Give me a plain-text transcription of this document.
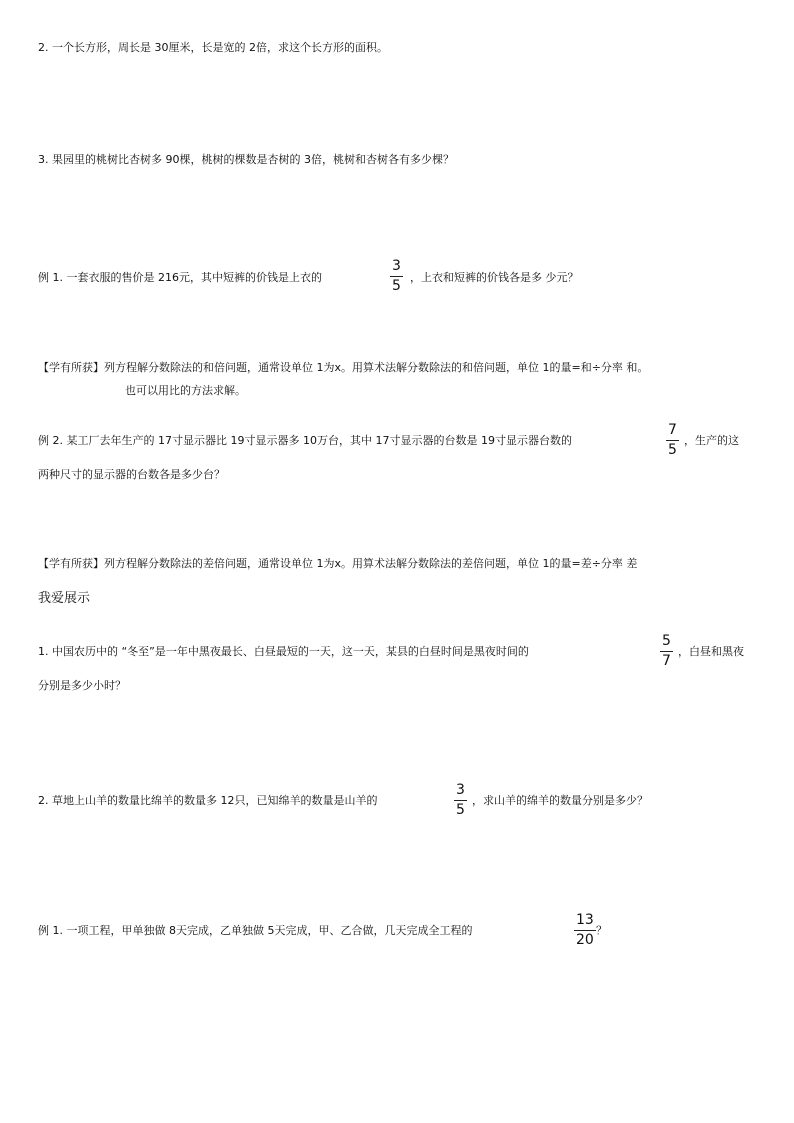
2. 一个长方形，周长是 30厘米，长是宽的 2倍，求这个长方形的面积。
3. 果园里的桃树比杏树多 90棵，桃树的棵数是杏树的 3倍，桃树和杏树各有多少棵？
例 1. 一套衣服的售价是 216元，其中短裤的价钱是上衣的
3
5
，上衣和短裤的价钱各是多 少元？
【学有所获】列方程解分数除法的和倍问题，通常设单位 1为x。用算术法解分数除法的和倍问题，单位 1的量=和÷分率 和。
也可以用比的方法求解。
例 2. 某工厂去年生产的 17寸显示器比 19寸显示器多 10万台，其中 17寸显示器的台数是 19寸显示器台数的
7
5
，生产的这
两种尺寸的显示器的台数各是多少台？
【学有所获】列方程解分数除法的差倍问题，通常设单位 1为x。用算术法解分数除法的差倍问题，单位 1的量=差÷分率 差
我爱展示
1. 中国农历中的 “冬至”是一年中黑夜最长、白昼最短的一天，这一天，某县的白昼时间是黑夜时间的
5
7
，白昼和黑夜
分别是多少小时？
2. 草地上山羊的数量比绵羊的数量多 12只，已知绵羊的数量是山羊的
3
5
，求山羊的绵羊的数量分别是多少？
例 1. 一项工程，甲单独做 8天完成，乙单独做 5天完成，甲、乙合做，几天完成全工程的
13
20
？
